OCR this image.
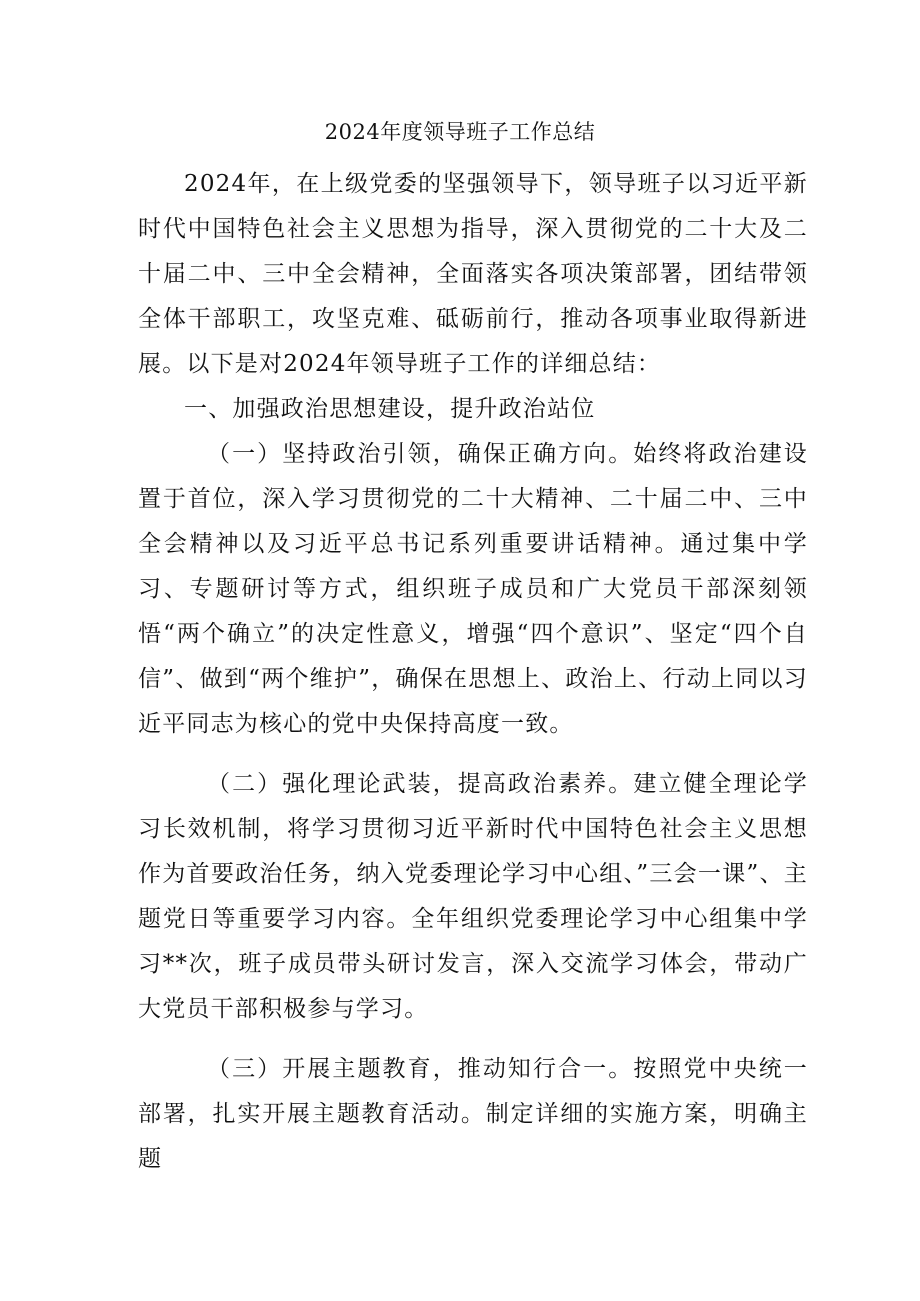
2024年度领导班子工作总结

2024年，在上级党委的坚强领导下，领导班子以习近平新时代中国特色社会主义思想为指导，深入贯彻党的二十大及二十届二中、三中全会精神，全面落实各项决策部署，团结带领全体干部职工，攻坚克难、砥砺前行，推动各项事业取得新进展。以下是对2024年领导班子工作的详细总结：

一、加强政治思想建设，提升政治站位

（一）坚持政治引领，确保正确方向。始终将政治建设置于首位，深入学习贯彻党的二十大精神、二十届二中、三中全会精神以及习近平总书记系列重要讲话精神。通过集中学习、专题研讨等方式，组织班子成员和广大党员干部深刻领悟“两个确立”的决定性意义，增强“四个意识”、坚定“四个自信”、做到“两个维护”，确保在思想上、政治上、行动上同以习近平同志为核心的党中央保持高度一致。

（二）强化理论武装，提高政治素养。建立健全理论学习长效机制，将学习贯彻习近平新时代中国特色社会主义思想作为首要政治任务，纳入党委理论学习中心组、”三会一课”、主题党日等重要学习内容。全年组织党委理论学习中心组集中学习**次，班子成员带头研讨发言，深入交流学习体会，带动广大党员干部积极参与学习。

（三）开展主题教育，推动知行合一。按照党中央统一部署，扎实开展主题教育活动。制定详细的实施方案，明确主题
